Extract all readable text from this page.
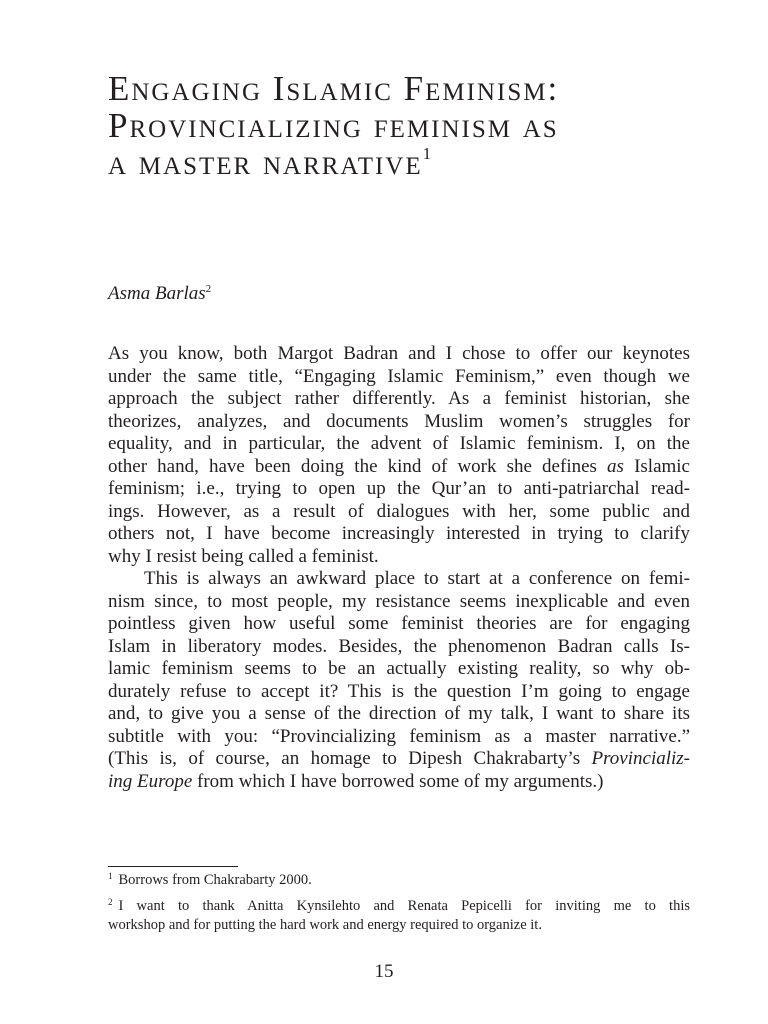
Engaging Islamic Feminism:
Provincializing feminism as
a master narrative$^1$
Asma Barlas$^2$
As you know, both Margot Badran and I chose to offer our keynotes
under the same title, “Engaging Islamic Feminism,” even though we
approach the subject rather differently. As a feminist historian, she
theorizes, analyzes, and documents Muslim women’s struggles for
equality, and in particular, the advent of Islamic feminism. I, on the
other hand, have been doing the kind of work she defines as Islamic
feminism; i.e., trying to open up the Qur’an to anti-patriarchal read-
ings. However, as a result of dialogues with her, some public and
others not, I have become increasingly interested in trying to clarify
why I resist being called a feminist.
This is always an awkward place to start at a conference on femi-
nism since, to most people, my resistance seems inexplicable and even
pointless given how useful some feminist theories are for engaging
Islam in liberatory modes. Besides, the phenomenon Badran calls Is-
lamic feminism seems to be an actually existing reality, so why ob-
durately refuse to accept it? This is the question I’m going to engage
and, to give you a sense of the direction of my talk, I want to share its
subtitle with you: “Provincializing feminism as a master narrative.”
(This is, of course, an homage to Dipesh Chakrabarty’s Provincializ-
ing Europe from which I have borrowed some of my arguments.)
$^1$ Borrows from Chakrabarty 2000.
$^2$ I want to thank Anitta Kynsilehto and Renata Pepicelli for inviting me to this
workshop and for putting the hard work and energy required to organize it.
15
